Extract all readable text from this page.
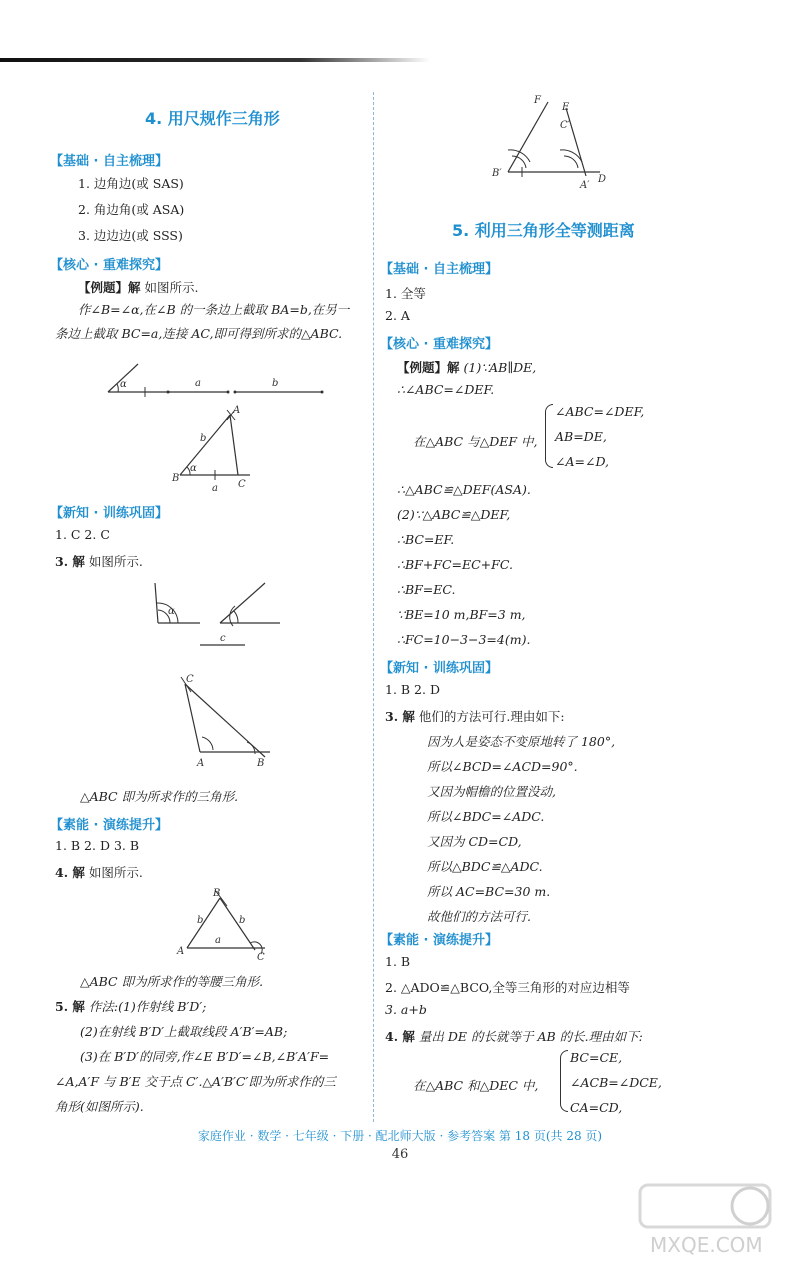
4. 用尺规作三角形
【基础 · 自主梳理】
1. 边角边(或 SAS)
2. 角边角(或 ASA)
3. 边边边(或 SSS)
【核心 · 重难探究】
【例题】解 如图所示.
作∠B=∠α,在∠B 的一条边上截取 BA=b,在另一
条边上截取 BC=a,连接 AC,即可得到所求的△ABC.
α	a	b
B
A
C
b
α
a
【新知 · 训练巩固】
1. C 2. C
3. 解 如图所示.
α
c
C
A	B
△ABC 即为所求作的三角形.
【素能 · 演练提升】
1. B 2. D 3. B
4. 解 如图所示.
B
A
C
b	b
a
△ABC 即为所求作的等腰三角形.
5. 解 作法:(1)作射线 B′D′;
(2)在射线 B′D′上截取线段 A′B′=AB;
(3)在 B′D′的同旁,作∠E B′D′=∠B,∠B′A′F=
∠A,A′F 与 B′E 交于点 C′.△A′B′C′即为所求作的三
角形(如图所示).
F
E
C′
B′
A′
D
5. 利用三角形全等测距离
【基础 · 自主梳理】
1. 全等
2. A
【核心 · 重难探究】
【例题】解 (1)∵AB∥DE,
∴∠ABC=∠DEF.
在△ABC 与△DEF 中,
∠ABC=∠DEF,
AB=DE,
∠A=∠D,
∴△ABC≌△DEF(ASA).
(2)∵△ABC≌△DEF,
∴BC=EF.
∴BF+FC=EC+FC.
∴BF=EC.
∵BE=10 m,BF=3 m,
∴FC=10−3−3=4(m).
【新知 · 训练巩固】
1. B 2. D
3. 解 他们的方法可行.理由如下:
因为人是姿态不变原地转了 180°,
所以∠BCD=∠ACD=90°.
又因为帽檐的位置没动,
所以∠BDC=∠ADC.
又因为 CD=CD,
所以△BDC≌△ADC.
所以 AC=BC=30 m.
故他们的方法可行.
【素能 · 演练提升】
1. B
2. △ADO≌△BCO,全等三角形的对应边相等
3. a+b
4. 解 量出 DE 的长就等于 AB 的长.理由如下:
在△ABC 和△DEC 中,
BC=CE,
∠ACB=∠DCE,
CA=CD,
家庭作业 · 数学 · 七年级 · 下册 · 配北师大版 · 参考答案 第 18 页(共 28 页)
46
MXQE.COM
